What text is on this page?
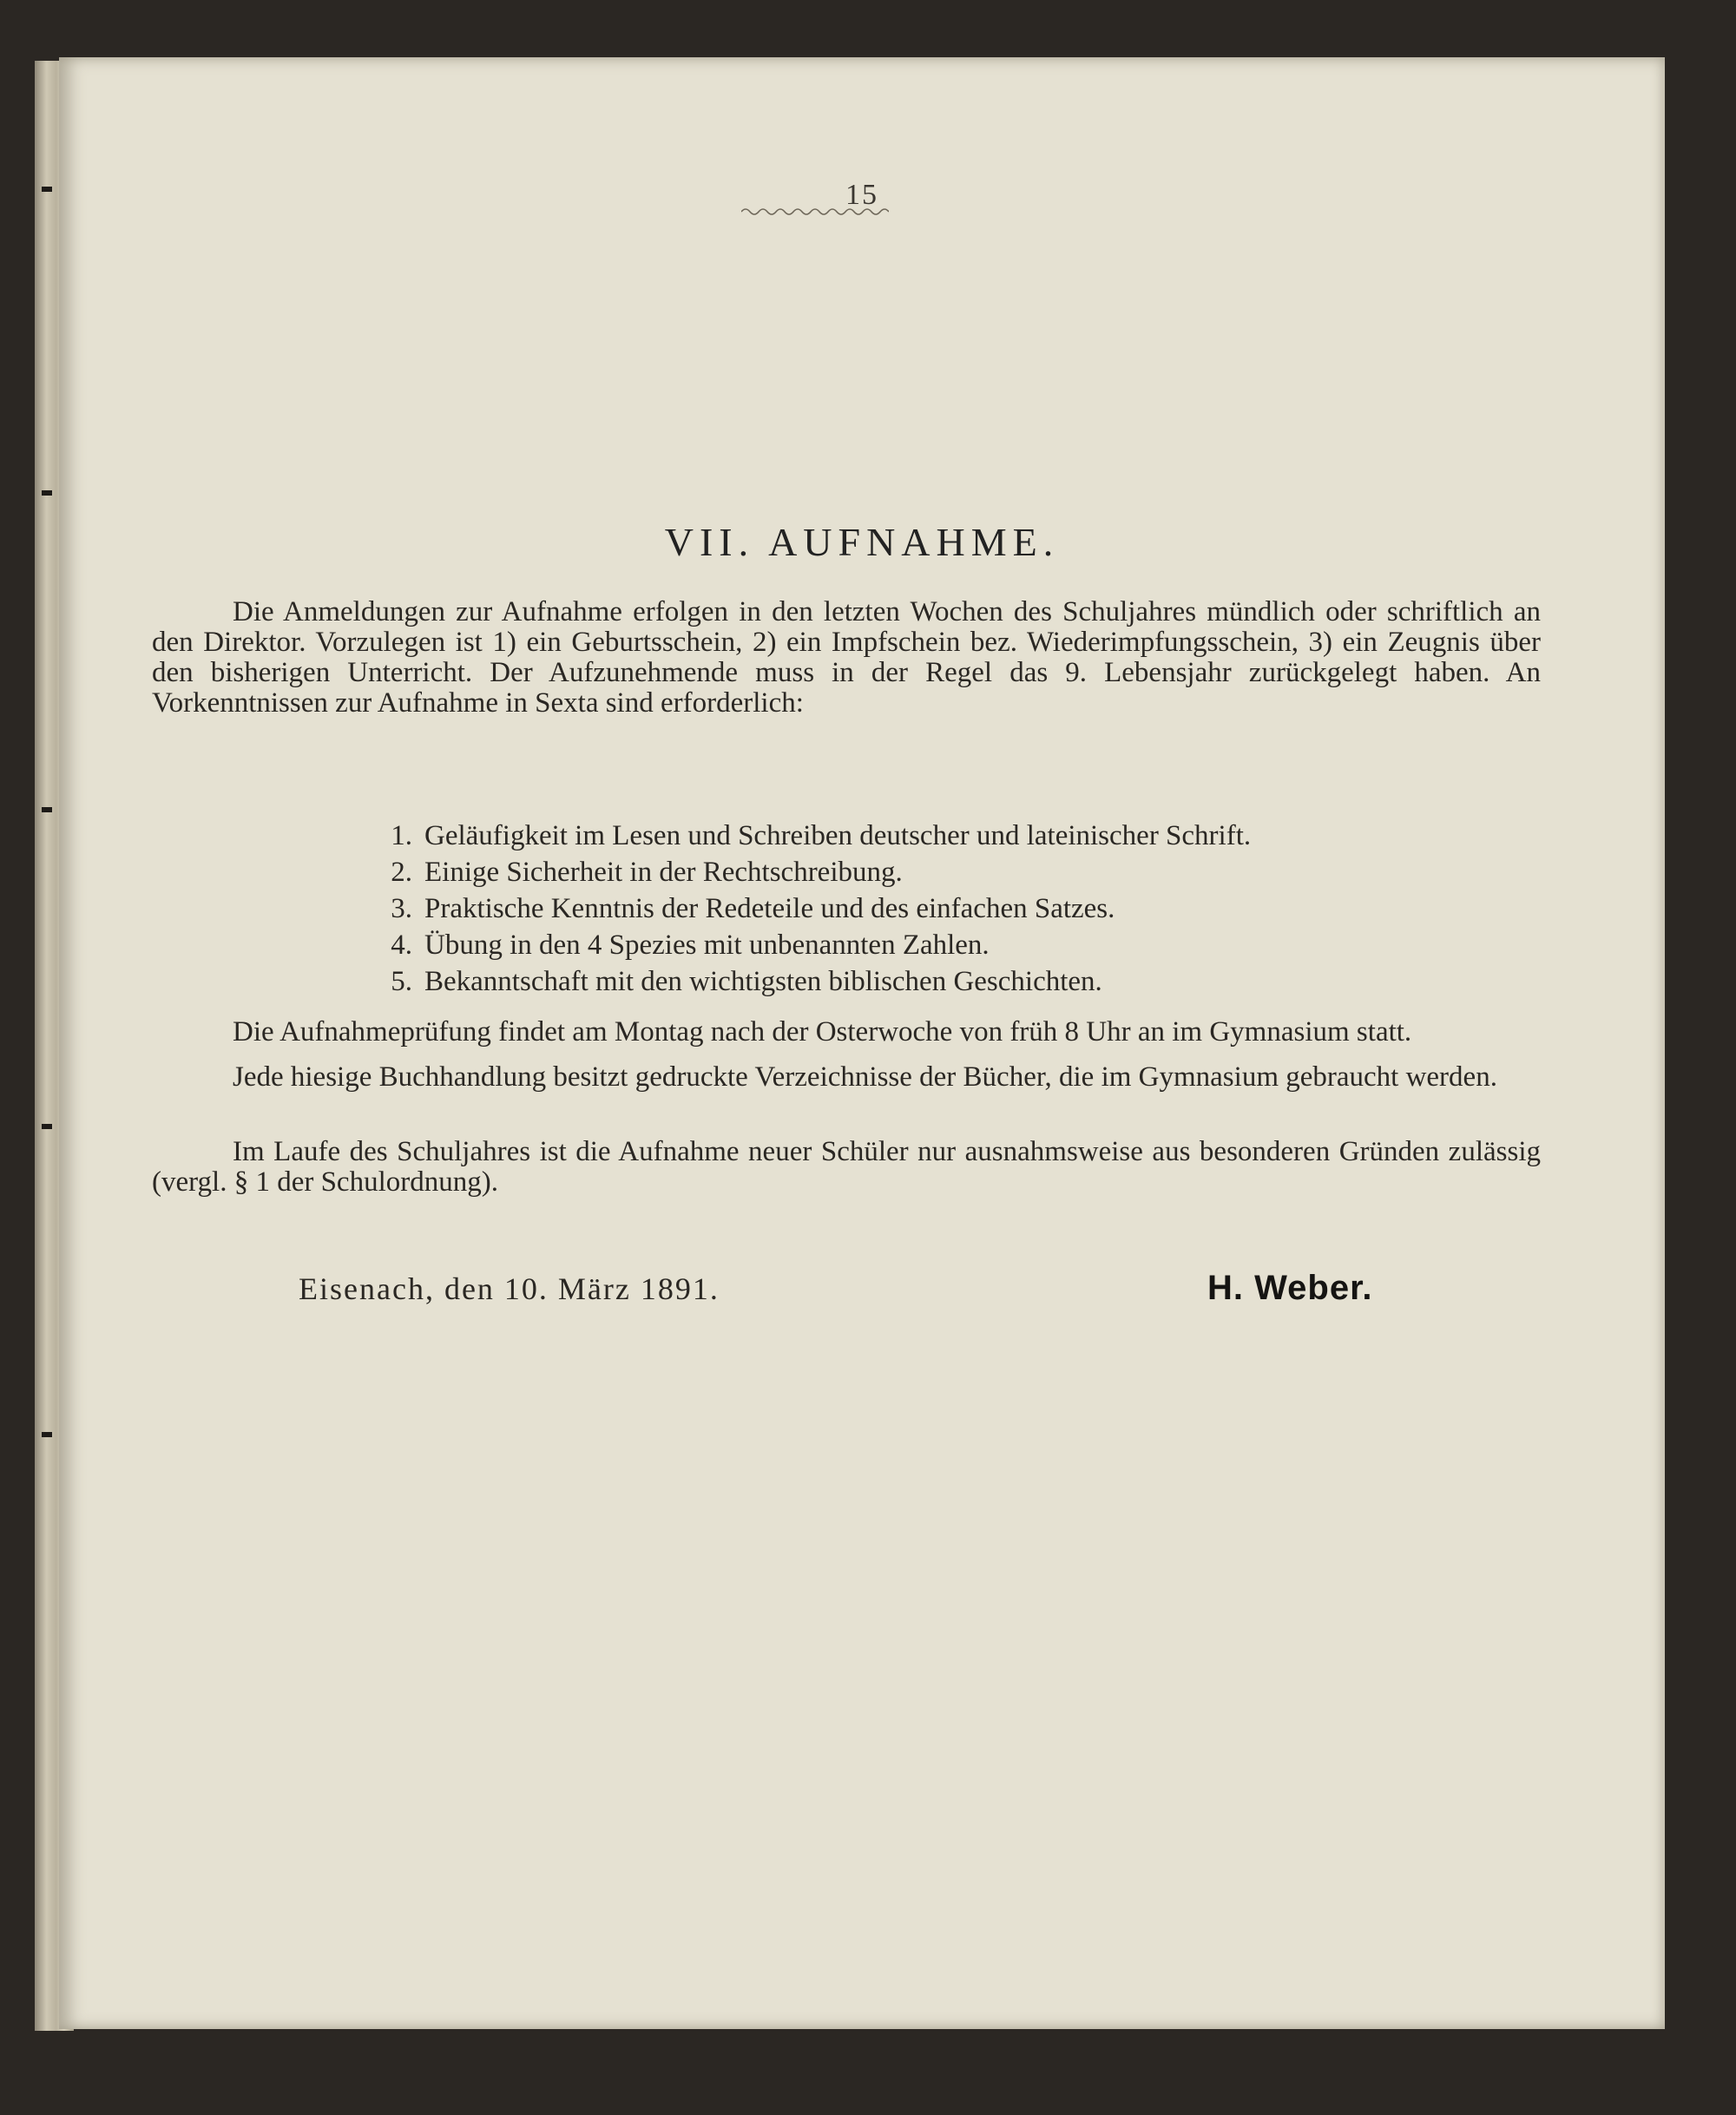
15
VII. AUFNAHME.
Die Anmeldungen zur Aufnahme erfolgen in den letzten Wochen des Schuljahres mündlich oder schriftlich an den Direktor. Vorzulegen ist 1) ein Geburtsschein, 2) ein Impfschein bez. Wiederimpfungsschein, 3) ein Zeugnis über den bisherigen Unterricht. Der Aufzunehmende muss in der Regel das 9. Lebensjahr zurückgelegt haben. An Vorkenntnissen zur Aufnahme in Sexta sind erforderlich:
1. Geläufigkeit im Lesen und Schreiben deutscher und lateinischer Schrift.
2. Einige Sicherheit in der Rechtschreibung.
3. Praktische Kenntnis der Redeteile und des einfachen Satzes.
4. Übung in den 4 Spezies mit unbenannten Zahlen.
5. Bekanntschaft mit den wichtigsten biblischen Geschichten.
Die Aufnahmeprüfung findet am Montag nach der Osterwoche von früh 8 Uhr an im Gymnasium statt.
Jede hiesige Buchhandlung besitzt gedruckte Verzeichnisse der Bücher, die im Gymnasium gebraucht werden.
Im Laufe des Schuljahres ist die Aufnahme neuer Schüler nur ausnahmsweise aus besonderen Gründen zulässig (vergl. § 1 der Schulordnung).
Eisenach, den 10. März 1891.	H. Weber.
